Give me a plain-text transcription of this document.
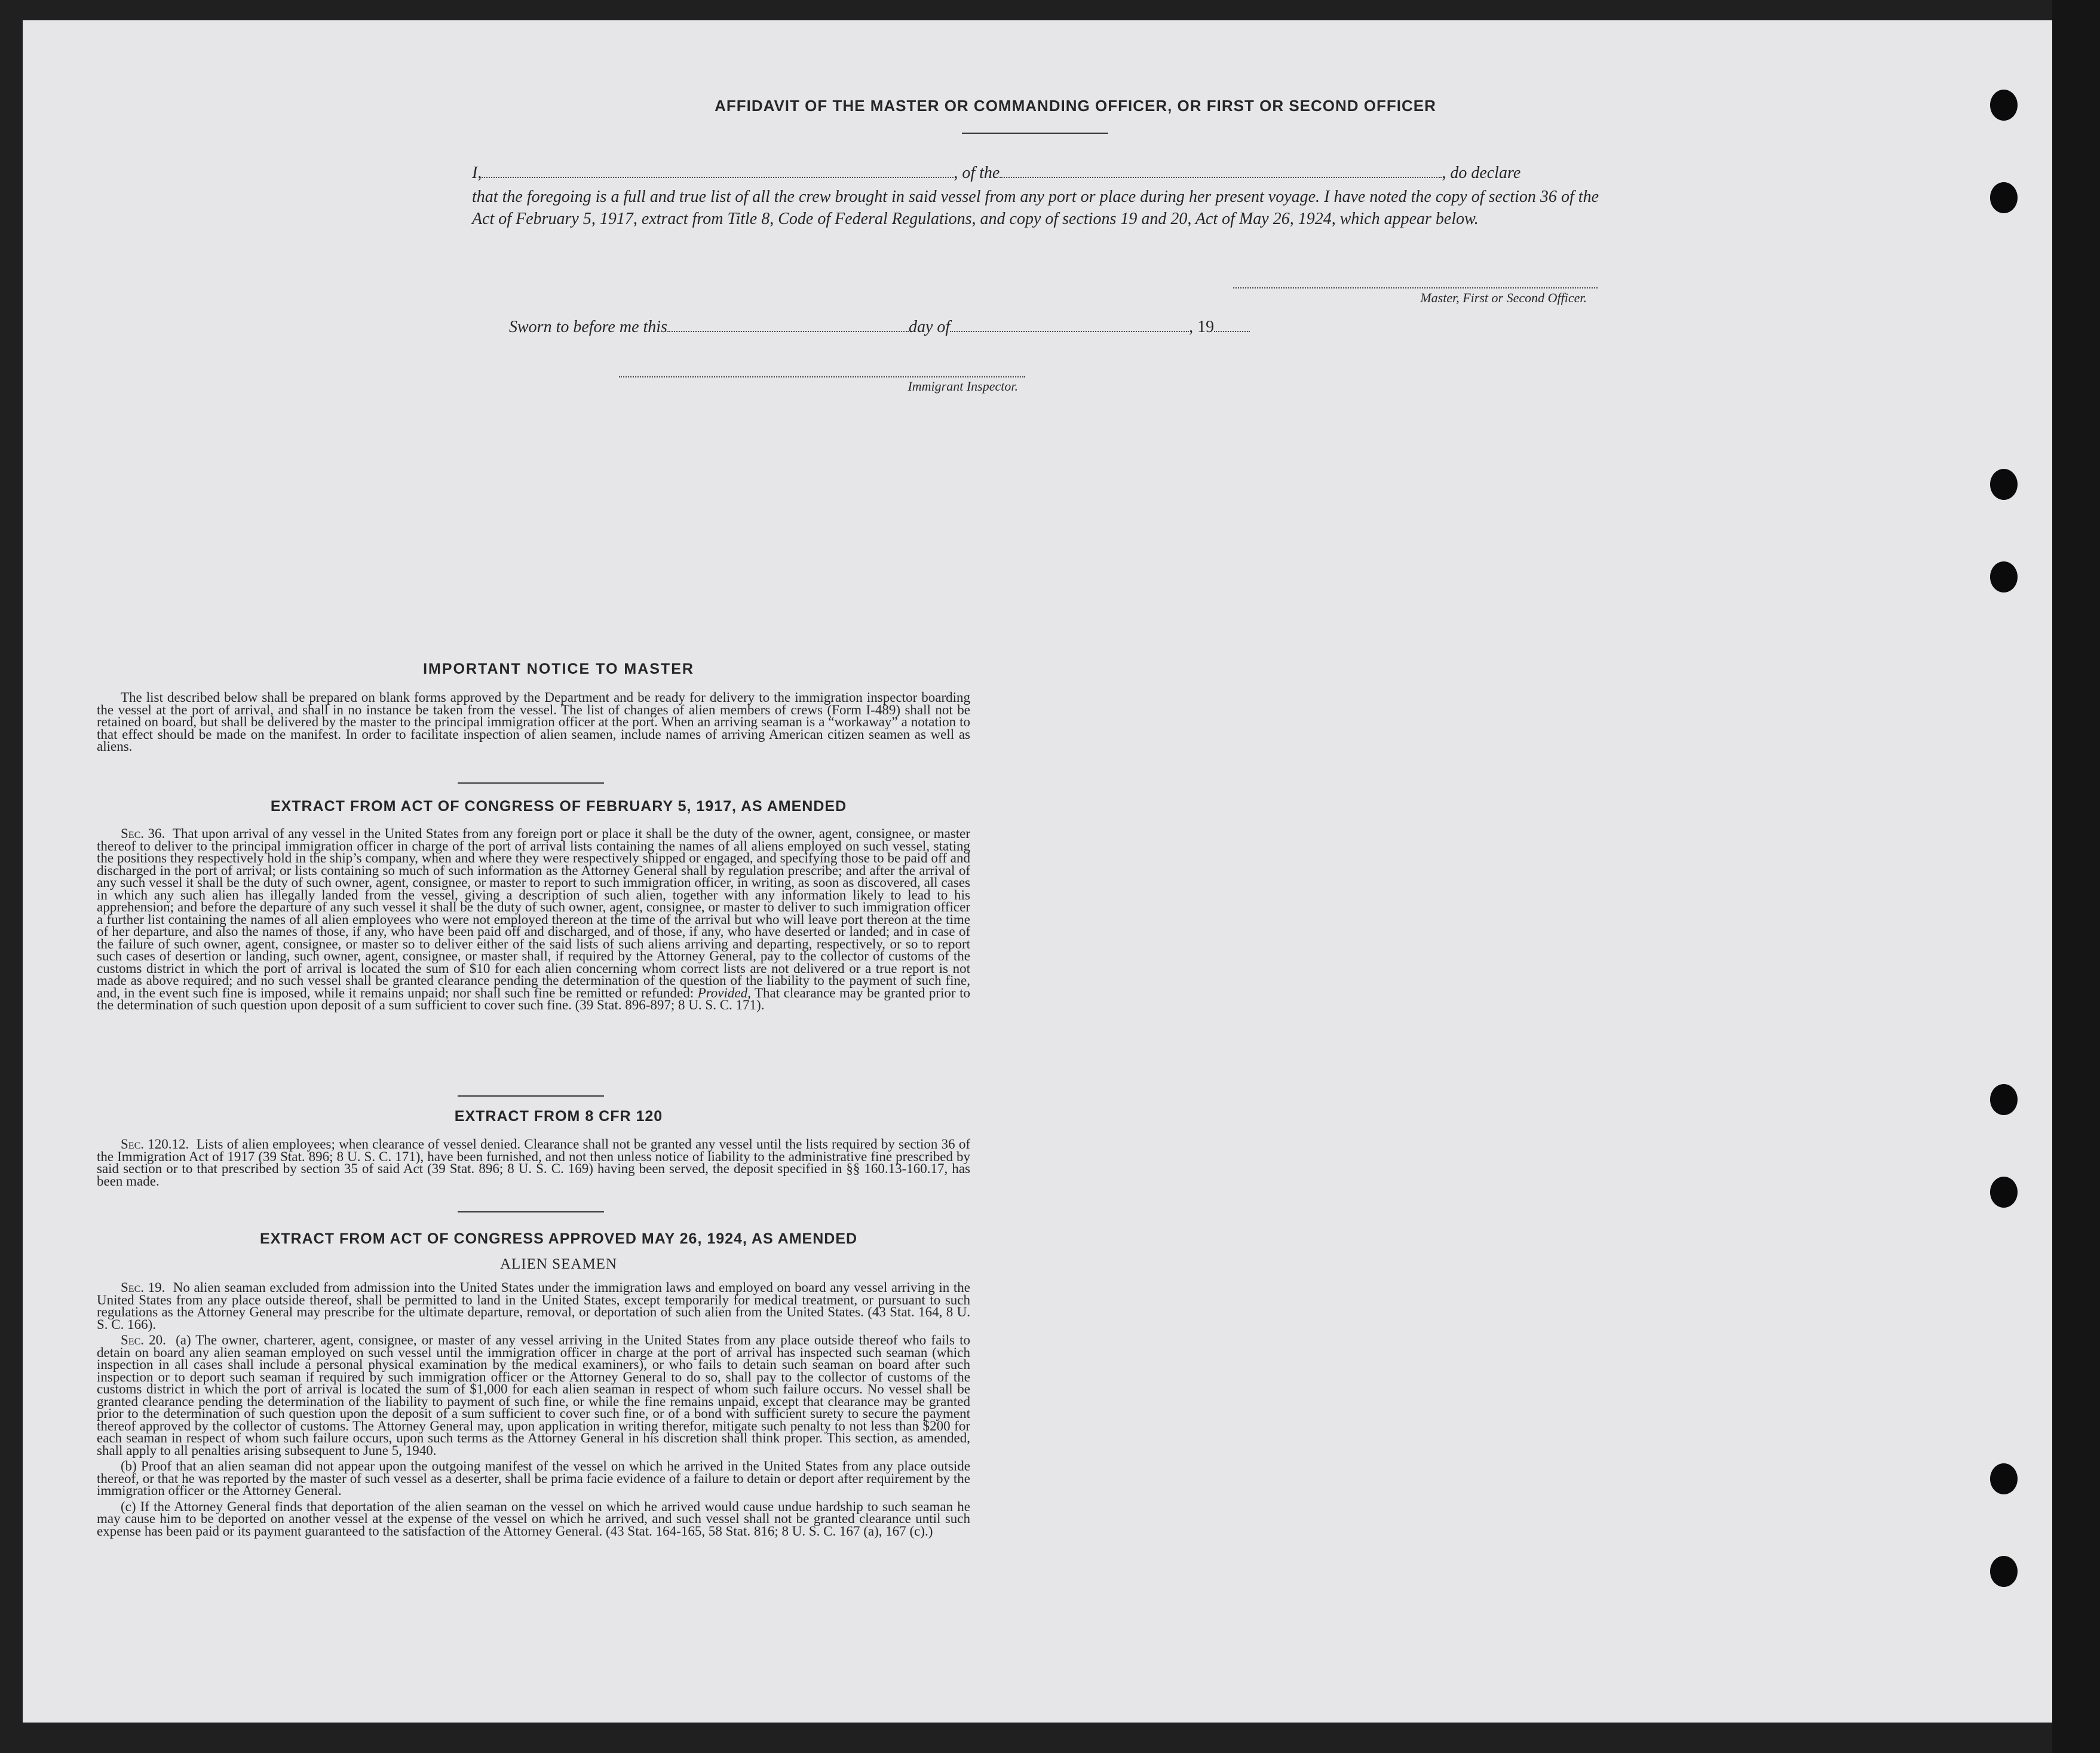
AFFIDAVIT OF THE MASTER OR COMMANDING OFFICER, OR FIRST OR SECOND OFFICER
I,	, of the	, do declare
that the foregoing is a full and true list of all the crew brought in said vessel from any port or place during her present voyage. I have noted the copy of section 36 of the Act of February 5, 1917, extract from Title 8, Code of Federal Regulations, and copy of sections 19 and 20, Act of May 26, 1924, which appear below.
Master, First or Second Officer.
Sworn to before me this	day of	, 19
Immigrant Inspector.
IMPORTANT NOTICE TO MASTER

The list described below shall be prepared on blank forms approved by the Department and be ready for delivery to the immigration inspector boarding the vessel at the port of arrival, and shall in no instance be taken from the vessel. The list of changes of alien members of crews (Form I-489) shall not be retained on board, but shall be delivered by the master to the principal immigration officer at the port. When an arriving seaman is a “workaway” a notation to that effect should be made on the manifest. In order to facilitate inspection of alien seamen, include names of arriving American citizen seamen as well as aliens.

EXTRACT FROM ACT OF CONGRESS OF FEBRUARY 5, 1917, AS AMENDED

Sec. 36. That upon arrival of any vessel in the United States from any foreign port or place it shall be the duty of the owner, agent, consignee, or master thereof to deliver to the principal immigration officer in charge of the port of arrival lists containing the names of all aliens employed on such vessel, stating the positions they respectively hold in the ship’s company, when and where they were respectively shipped or engaged, and specifying those to be paid off and discharged in the port of arrival; or lists containing so much of such information as the Attorney General shall by regulation prescribe; and after the arrival of any such vessel it shall be the duty of such owner, agent, consignee, or master to report to such immigration officer, in writing, as soon as discovered, all cases in which any such alien has illegally landed from the vessel, giving a description of such alien, together with any information likely to lead to his apprehension; and before the departure of any such vessel it shall be the duty of such owner, agent, consignee, or master to deliver to such immigration officer a further list containing the names of all alien employees who were not employed thereon at the time of the arrival but who will leave port thereon at the time of her departure, and also the names of those, if any, who have been paid off and discharged, and of those, if any, who have deserted or landed; and in case of the failure of such owner, agent, consignee, or master so to deliver either of the said lists of such aliens arriving and departing, respectively, or so to report such cases of desertion or landing, such owner, agent, consignee, or master shall, if required by the Attorney General, pay to the collector of customs of the customs district in which the port of arrival is located the sum of $10 for each alien concerning whom correct lists are not delivered or a true report is not made as above required; and no such vessel shall be granted clearance pending the determination of the question of the liability to the payment of such fine, and, in the event such fine is imposed, while it remains unpaid; nor shall such fine be remitted or refunded: Provided, That clearance may be granted prior to the determination of such question upon deposit of a sum sufficient to cover such fine. (39 Stat. 896-897; 8 U. S. C. 171).

EXTRACT FROM 8 CFR 120

Sec. 120.12. Lists of alien employees; when clearance of vessel denied. Clearance shall not be granted any vessel until the lists required by section 36 of the Immigration Act of 1917 (39 Stat. 896; 8 U. S. C. 171), have been furnished, and not then unless notice of liability to the administrative fine prescribed by said section or to that prescribed by section 35 of said Act (39 Stat. 896; 8 U. S. C. 169) having been served, the deposit specified in §§ 160.13-160.17, has been made.

EXTRACT FROM ACT OF CONGRESS APPROVED MAY 26, 1924, AS AMENDED
ALIEN SEAMEN

Sec. 19. No alien seaman excluded from admission into the United States under the immigration laws and employed on board any vessel arriving in the United States from any place outside thereof, shall be permitted to land in the United States, except temporarily for medical treatment, or pursuant to such regulations as the Attorney General may prescribe for the ultimate departure, removal, or deportation of such alien from the United States. (43 Stat. 164, 8 U. S. C. 166).

Sec. 20. (a) The owner, charterer, agent, consignee, or master of any vessel arriving in the United States from any place outside thereof who fails to detain on board any alien seaman employed on such vessel until the immigration officer in charge at the port of arrival has inspected such seaman (which inspection in all cases shall include a personal physical examination by the medical examiners), or who fails to detain such seaman on board after such inspection or to deport such seaman if required by such immigration officer or the Attorney General to do so, shall pay to the collector of customs of the customs district in which the port of arrival is located the sum of $1,000 for each alien seaman in respect of whom such failure occurs. No vessel shall be granted clearance pending the determination of the liability to payment of such fine, or while the fine remains unpaid, except that clearance may be granted prior to the determination of such question upon the deposit of a sum sufficient to cover such fine, or of a bond with sufficient surety to secure the payment thereof approved by the collector of customs. The Attorney General may, upon application in writing therefor, mitigate such penalty to not less than $200 for each seaman in respect of whom such failure occurs, upon such terms as the Attorney General in his discretion shall think proper. This section, as amended, shall apply to all penalties arising subsequent to June 5, 1940.

(b) Proof that an alien seaman did not appear upon the outgoing manifest of the vessel on which he arrived in the United States from any place outside thereof, or that he was reported by the master of such vessel as a deserter, shall be prima facie evidence of a failure to detain or deport after requirement by the immigration officer or the Attorney General.

(c) If the Attorney General finds that deportation of the alien seaman on the vessel on which he arrived would cause undue hardship to such seaman he may cause him to be deported on another vessel at the expense of the vessel on which he arrived, and such vessel shall not be granted clearance until such expense has been paid or its payment guaranteed to the satisfaction of the Attorney General. (43 Stat. 164-165, 58 Stat. 816; 8 U. S. C. 167 (a), 167 (c).)
